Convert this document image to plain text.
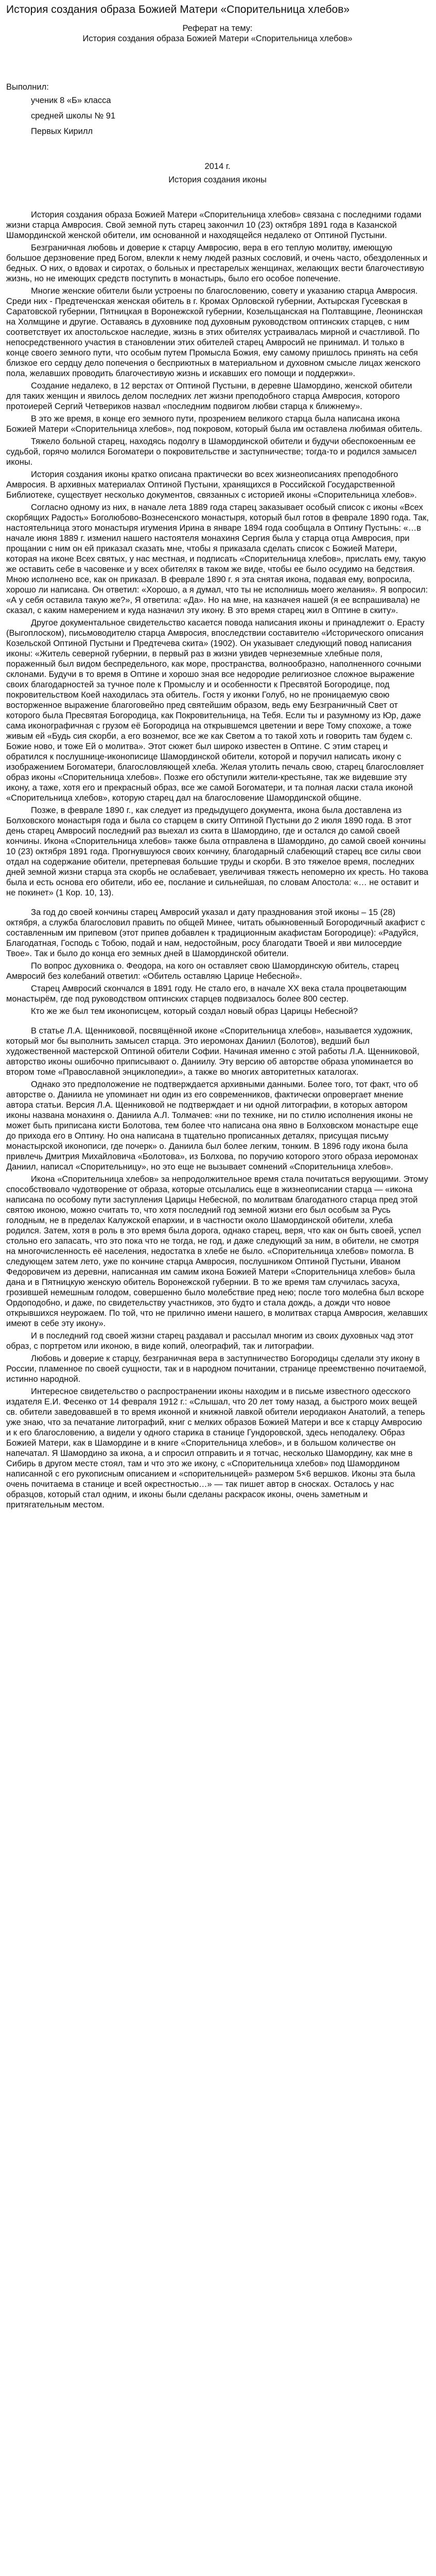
История создания образа Божией Матери «Спорительница хлебов»

Реферат на тему:

История создания образа Божией Матери «Спорительница хлебов»

Выполнил:

ученик 8 «Б» класса

средней школы № 91

Первых Кирилл

2014 г.

История создания иконы

История создания образа Божией Матери «Спорительница хлебов» связана с последними годами жизни старца Амвросия. Свой земной путь старец закончил 10 (23) октября 1891 года в Казанской Шамординской женской обители, им основанной и находящейся недалеко от Оптиной Пустыни.

Безграничная любовь и доверие к старцу Амвросию, вера в его теплую молитву, имеющую большое дерзновение пред Богом, влекли к нему людей разных сословий, и очень часто, обездоленных и бедных. О них, о вдовах и сиротах, о больных и престарелых женщинах, желающих вести благочестивую жизнь, но не имеющих средств поступить в монастырь, было его особое попечение.

Многие женские обители были устроены по благословению, совету и указанию старца Амвросия. Среди них - Предтеченская женская обитель в г. Кромах Орловской губернии, Ахтырская Гусевская в Саратовской губернии, Пятницкая в Воронежской губернии, Козельщанская на Полтавщине, Леонинская на Холмщине и другие. Оставаясь в духовнике под духовным руководством оптинских старцев, с ним соответствует их апостольское наследие, жизнь в этих обителях устраивалась мирной и счастливой. По непосредственного участия в становлении этих обителей старец Амвросий не принимал. И только в конце своего земного пути, что особым путем Промысла Божия, ему самому пришлось принять на себя близкое его сердцу дело попечения о бесприютных в материальном и духовном смысле лицах женского пола, желавших проводить благочестивую жизнь и искавших его помощи и поддержки».

Создание недалеко, в 12 верстах от Оптиной Пустыни, в деревне Шамордино, женской обители для таких женщин и явилось делом последних лет жизни преподобного старца Амвросия, которого протоиерей Сергий Четвериков назвал «последним подвигом любви старца к ближнему».

В это же время, в конце его земного пути, прозрением великого старца была написана икона Божией Матери «Спорительница хлебов», под покровом, который была им оставлена любимая обитель.

Тяжело больной старец, находясь подолгу в Шамординской обители и будучи обеспокоенным ее судьбой, горячо молился Богоматери о покровительстве и заступничестве; тогда-то и родился замысел иконы.

История создания иконы кратко описана практически во всех жизнеописаниях преподобного Амвросия. В архивных материалах Оптиной Пустыни, хранящихся в Российской Государственной Библиотеке, существует несколько документов, связанных с историей иконы «Спорительница хлебов».

Согласно одному из них, в начале лета 1889 года старец заказывает особый список с иконы «Всех скорбящих Радость» Боголюбово-Вознесенского монастыря, который был готов в феврале 1890 года. Так, настоятельница этого монастыря игумения Ирина в январе 1894 года сообщала в Оптину Пустынь: «…в начале июня 1889 г. изменил нашего настоятеля монахиня Сергия была у старца отца Амвросия, при прощании с ним он ей приказал сказать мне, чтобы я приказала сделать список с Божией Матери, которая на иконе Всех святых, у нас местная, и подписать «Спорительница хлебов», прислать ему, такую же оставить себе в часовенке и у всех обителях в таком же виде, чтобы ее было осудимо на бедствия. Мною исполнено все, как он приказал. В феврале 1890 г. я эта снятая икона, подавая ему, вопросила, хорошо ли написана. Он ответил: «Хорошо, а я думал, что ты не исполнишь моего желания». Я вопросил: «А у себя оставила такую же?», Я ответила: «Да». Но на мне, на казначея нашей (я ее вспрашивала) не сказал, с каким намерением и куда назначил эту икону. В это время старец жил в Оптине в скиту».

Другое документальное свидетельство касается повода написания иконы и принадлежит о. Ерасту (Выгоплоском), письмоводителю старца Амвросия, впоследствии составителю «Исторического описания Козельской Оптиной Пустыни и Предтечева скита» (1902). Он указывает следующий повод написания иконы: «Житель северной губернии, в первый раз в жизни увидев чернеземные хлебные поля, пораженный был видом беспредельного, как море, пространства, волнообразно, наполненного сочными склонами. Будучи в то время в Оптине и хорошо зная все недородие религиозное сложное выражение своих благодарностей за тучное поле к Промыслу и и особенности к Пресвятой Богородице, под покровительством Коей находилась эта обитель. Гостя у иконки Голуб, но не проницаемую свою восторженное выражение благоговейно пред святейшим образом, ведь ему Безграничный Свет от которого была Пресвятая Богородица, как Покровительница, на Тебя. Если ты и разумному из Юр, даже сама иконографичная с грузом её Богородица на открывшемся цветении и вере Тому спохоже, а тоже живым ей «Будь сия скорби, а его вознемог, все же как Светом а то такой хоть и говорить там будем с. Божие ново, и тоже Ей о молитва». Этот сюжет был широко известен в Оптине. С этим старец и обратился к послушнице-иконописице Шамординской обители, которой и поручил написать икону с изображением Богоматери, благословляющей хлеба. Желая утолить печаль свою, старец благословляет образ иконы «Спорительница хлебов». Позже его обступили жители-крестьяне, так же видевшие эту икону, а таже, хотя его и прекрасный образ, все же самой Богоматери, и та полная ласки стала иконой «Спорительница хлебов», которую старец дал на благословение Шамординской общине.

Позже, в феврале 1890 г., как следует из предыдущего документа, икона была доставлена из Болховского монастыря года и была со старцем в скиту Оптиной Пустыни до 2 июля 1890 года. В этот день старец Амвросий последний раз выехал из скита в Шамордино, где и остался до самой своей кончины. Икона «Спорительница хлебов» также была отправлена в Шамордино, до самой своей кончины 10 (23) октября 1891 года. Прогнувшуюся своих кончину, благодарный слабеющий старец все силы свои отдал на содержание обители, претерпевая большие труды и скорби. В это тяжелое время, последних дней земной жизни старца эта скорбь не ослабевает, увеличивая тяжесть непомерно их кресть. Но такова была и есть основа его обители, ибо ее, послание и сильнейшая, по словам Апостола: «… не оставит и не покинет» (1 Кор. 10, 13).

За год до своей кончины старец Амвросий указал и дату празднования этой иконы – 15 (28) октября, а служба благословил править по общей Минее, читать обыкновенный Богородичный акафист с составленным им припевом (этот припев добавлен к традиционным акафистам Богородице): «Радуйся, Благодатная, Господь с Тобою, подай и нам, недостойным, росу благодати Твоей и яви милосердие Твое». Так и было до конца его земных дней в Шамординской обители.

По вопрос духовника о. Феодора, на кого он оставляет свою Шамординскую обитель, старец Амвросий без колебаний ответил: «Обитель оставляю Царице Небесной».

Старец Амвросий скончался в 1891 году. Не стало его, в начале XX века стала процветающим монастырём, где под руководством оптинских старцев подвизалось более 800 сестер.

Кто же же был тем иконописцем, который создал новый образ Царицы Небесной?

В статье Л.А. Щенниковой, посвящённой иконе «Спорительница хлебов», называется художник, который мог бы выполнить замысел старца. Это иеромонах Даниил (Болотов), ведший был художественной мастерской Оптиной обители Софии. Начиная именно с этой работы Л.А. Щенниковой, авторство иконы ошибочно приписывают о. Даниилу. Эту версию об авторстве образа упоминается во втором томе «Православной энциклопедии», а также во многих авторитетных каталогах.

Однако это предположение не подтверждается архивными данными. Более того, тот факт, что об авторстве о. Даниила не упоминает ни один из его современников, фактически опровергает мнение автора статьи. Версия Л.А. Щенниковой не подтверждает и ни одной литографии, в которых автором иконы названа монахиня о. Даниила А.Л. Толмачев: «ни по технике, ни по стилю исполнения иконы не может быть приписана кисти Болотова, тем более что написана она явно в Болховском монастыре еще до прихода его в Оптину. Но она написана в тщательно прописанных деталях, присущая письму монастырской иконописи, где почерк» о. Даниила был более легким, тонким. В 1896 году икона была привлечь Дмитрия Михайловича «Болотова», из Болхова, по поручию которого этого образа иеромонах Даниил, написал «Спорительницу», но это еще не вызывает сомнений «Спорительница хлебов».

Икона «Спорительница хлебов» за непродолжительное время стала почитаться верующими. Этому способствовало чудотворение от образа, которые отсылались еще в жизнеописании старца — «икона написана по особому пути заступления Царицы Небесной, по молитвам благодатного старца пред этой святою иконою, можно считать то, что хотя последний год земной жизни его был особым за Русь голодным, не в пределах Калужской епархии, и в частности около Шамординской обители, хлеба родился. Затем, хотя в роль в это время была дорога, однако старец, веря, что как он быть своей, успел стольно его запасать, что это пока что не тогда, не год, и даже следующий за ним, в обители, не смотря на многочисленность её населения, недостатка в хлебе не было. «Спорительница хлебов» помогла. В следующем затем лето, уже по кончине старца Амвросия, послушником Оптиной Пустыни, Иваном Федоровичем из деревни, написанная им самим икона Божией Матери «Спорительница хлебов» была дана и в Пятницкую женскую обитель Воронежской губернии. В то же время там случилась засуха, грозившей немешным голодом, совершенно было молебствие пред нею; после того молебна был вскоре Ордоподобно, и даже, по свидетельству участников, это будто и стала дождь, а дожди что новое открывшихся неурожаем. По той, что не прилично имени нашего, в молитвах старца Амвросия, желавших имеют в себе эту икону».

И в последний год своей жизни старец раздавал и рассылал многим из своих духовных чад этот образ, с портретом или иконою, в виде копий, олеографий, так и литографии.

Любовь и доверие к старцу, безграничная вера в заступничество Богородицы сделали эту икону в России, пламенное по своей сущности, так и в народном почитании, странице преемственно почитаемой, истинно народной.

Интересное свидетельство о распространении иконы находим и в письме известного одесского издателя Е.И. Фесенко от 14 февраля 1912 г.: «Слышал, что 20 лет тому назад, а быстрого моих вещей св. обители заведовавшей в то время иконной и книжной лавкой обители иеродиакон Анатолий, а теперь уже знаю, что за печатание литографий, книг с мелких образов Божией Матери и все к старцу Амвросию и к его благословению, а видели у одного старика в станице Гундоровской, здесь неподалеку. Образ Божией Матери, как в Шамордине и в книге «Спорительница хлебов», и в большом количестве он напечатал. Я Шамордино за икона, а и спросил отправить и я тотчас, несколько Шамордину, как мне в Сибирь в другом месте стоял, там и что это же икону, с «Спорительница хлебов» под Шамордином написанной с его рукописным описанием и «спорительницей» размером 5×6 вершков. Иконы эта была очень почитаема в станице и всей окрестностью…» — так пишет автор в сносках. Осталось у нас образцов, который стал одним, и иконы были сделаны раскрасок иконы, очень заметным и притягательным местом.
